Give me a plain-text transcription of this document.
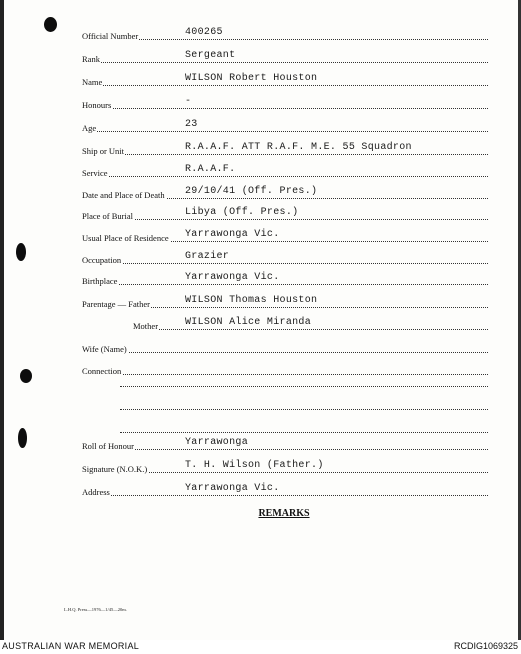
Official Number	400265
Rank	Sergeant
Name	WILSON Robert Houston
Honours	-
Age	23
Ship or Unit	R.A.A.F. ATT R.A.F. M.E. 55 Squadron
Service	R.A.A.F.
Date and Place of Death 29/10/41 (Off. Pres.)
Place of Burial	Libya (Off. Pres.)
Usual Place of Residence Yarrawonga Vic.
Occupation	Grazier
Birthplace	Yarrawonga Vic.
Parentage — Father	WILSON Thomas Houston
Mother	WILSON Alice Miranda
Wife (Name)
Connection
Roll of Honour	Yarrawonga
Signature (N.O.K.)	T. H. Wilson (Father.)
Address	Yarrawonga Vic.
REMARKS
L.H.Q. Press—1976—1/45—20m.
AUSTRALIAN WAR MEMORIAL	RCDIG1069325
